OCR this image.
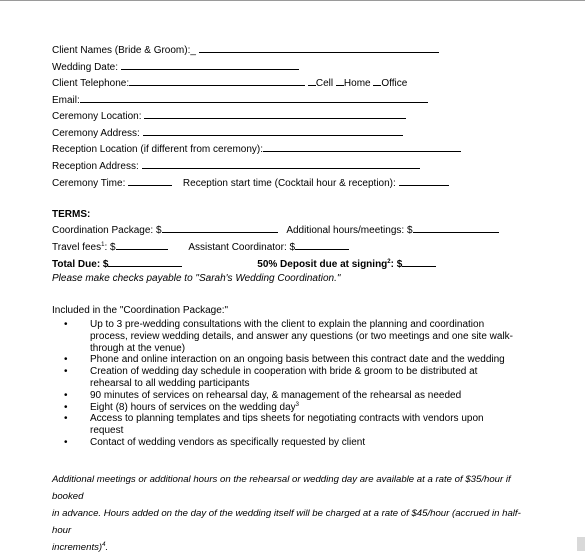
Client Names (Bride & Groom):_
Wedding Date:
Client Telephone:	Cell Home Office
Email:
Ceremony Location:
Ceremony Address:
Reception Location (if different from ceremony):
Reception Address:
Ceremony Time:	Reception start time (Cocktail hour & reception):
TERMS:
Coordination Package: $	Additional hours/meetings: $
Travel fees$^1$: $	Assistant Coordinator: $
Total Due: $	50% Deposit due at signing$^2$: $
Please make checks payable to "Sarah's Wedding Coordination."
Included in the "Coordination Package:"
• Up to 3 pre-wedding consultations with the client to explain the planning and coordination
process, review wedding details, and answer any questions (or two meetings and one site walk-
through at the venue)
• Phone and online interaction on an ongoing basis between this contract date and the wedding
• Creation of wedding day schedule in cooperation with bride & groom to be distributed at
rehearsal to all wedding participants
• 90 minutes of services on rehearsal day, & management of the rehearsal as needed
• Eight (8) hours of services on the wedding day$^3$
• Access to planning templates and tips sheets for negotiating contracts with vendors upon
request
• Contact of wedding vendors as specifically requested by client
Additional meetings or additional hours on the rehearsal or wedding day are available at a rate of $35/hour if booked
in advance. Hours added on the day of the wedding itself will be charged at a rate of $45/hour (accrued in half-hour
increments)$^4$.
